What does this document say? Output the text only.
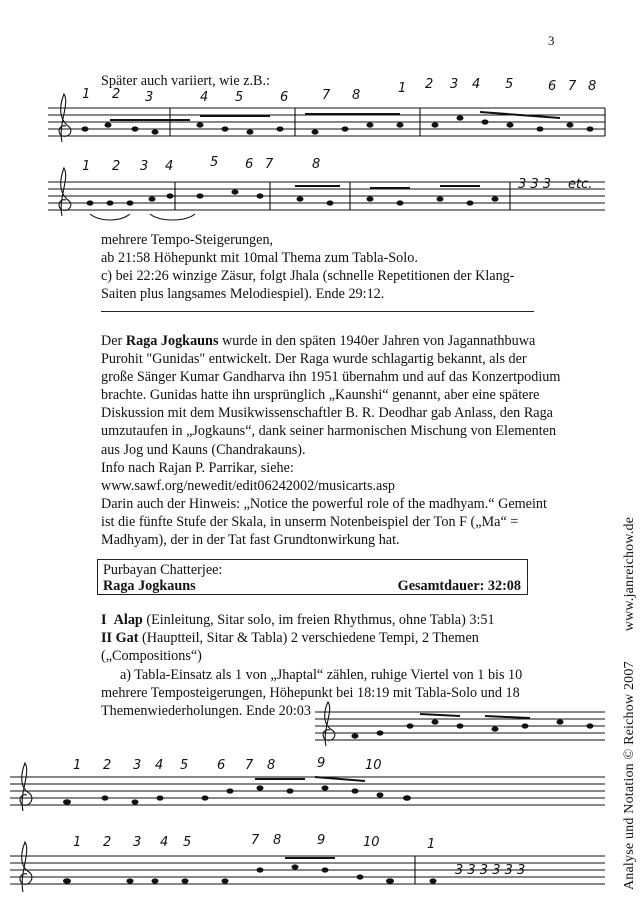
3
Später auch variiert, wie z.B.:
1 2 3	4 5	6	7 8	1 2 3 4 5	6 7 8
1 2 3 4	5 6 7	8
3 3 3 etc.
mehrere Tempo-Steigerungen,
ab 21:58 Höhepunkt mit 10mal Thema zum Tabla-Solo.
c) bei 22:26 winzige Zäsur, folgt Jhala (schnelle Repetitionen der Klang-
Saiten plus langsames Melodiespiel). Ende 29:12.

Der Raga Jogkauns wurde in den späten 1940er Jahren von Jagannathbuwa

Purohit "Gunidas" entwickelt. Der Raga wurde schlagartig bekannt, als der

große Sänger Kumar Gandharva ihn 1951 übernahm und auf das Konzertpodium

brachte. Gunidas hatte ihn ursprünglich „Kaunshi“ genannt, aber eine spätere

Diskussion mit dem Musikwissenschaftler B. R. Deodhar gab Anlass, den Raga

umzutaufen in „Jogkauns“, dank seiner harmonischen Mischung von Elementen

aus Jog und Kauns (Chandrakauns).

Info nach Rajan P. Parrikar, siehe:

www.sawf.org/newedit/edit06242002/musicarts.asp

Darin auch der Hinweis: „Notice the powerful role of the madhyam.“ Gemeint

ist die fünfte Stufe der Skala, in unserm Notenbeispiel der Ton F („Ma“ =

Madhyam), der in der Tat fast Grundtonwirkung hat.

Purbayan Chatterjee:
Raga Jogkauns	Gesamtdauer: 32:08
I Alap (Einleitung, Sitar solo, im freien Rhythmus, ohne Tabla) 3:51
II Gat (Hauptteil, Sitar & Tabla) 2 verschiedene Tempi, 2 Themen
(„Compositions“)
a) Tabla-Einsatz als 1 von „Jhaptal“ zählen, ruhige Viertel von 1 bis 10
mehrere Temposteigerungen, Höhepunkt bei 18:19 mit Tabla-Solo und 18
Themenwiederholungen. Ende 20:03
1 2 3 4 5 6 7 8	9	10
1 2 3 4 5	7 8	9	10	1
3 3 3 3 3 3	Analyse und Notation © Reichow 2007www.janreichow.de
